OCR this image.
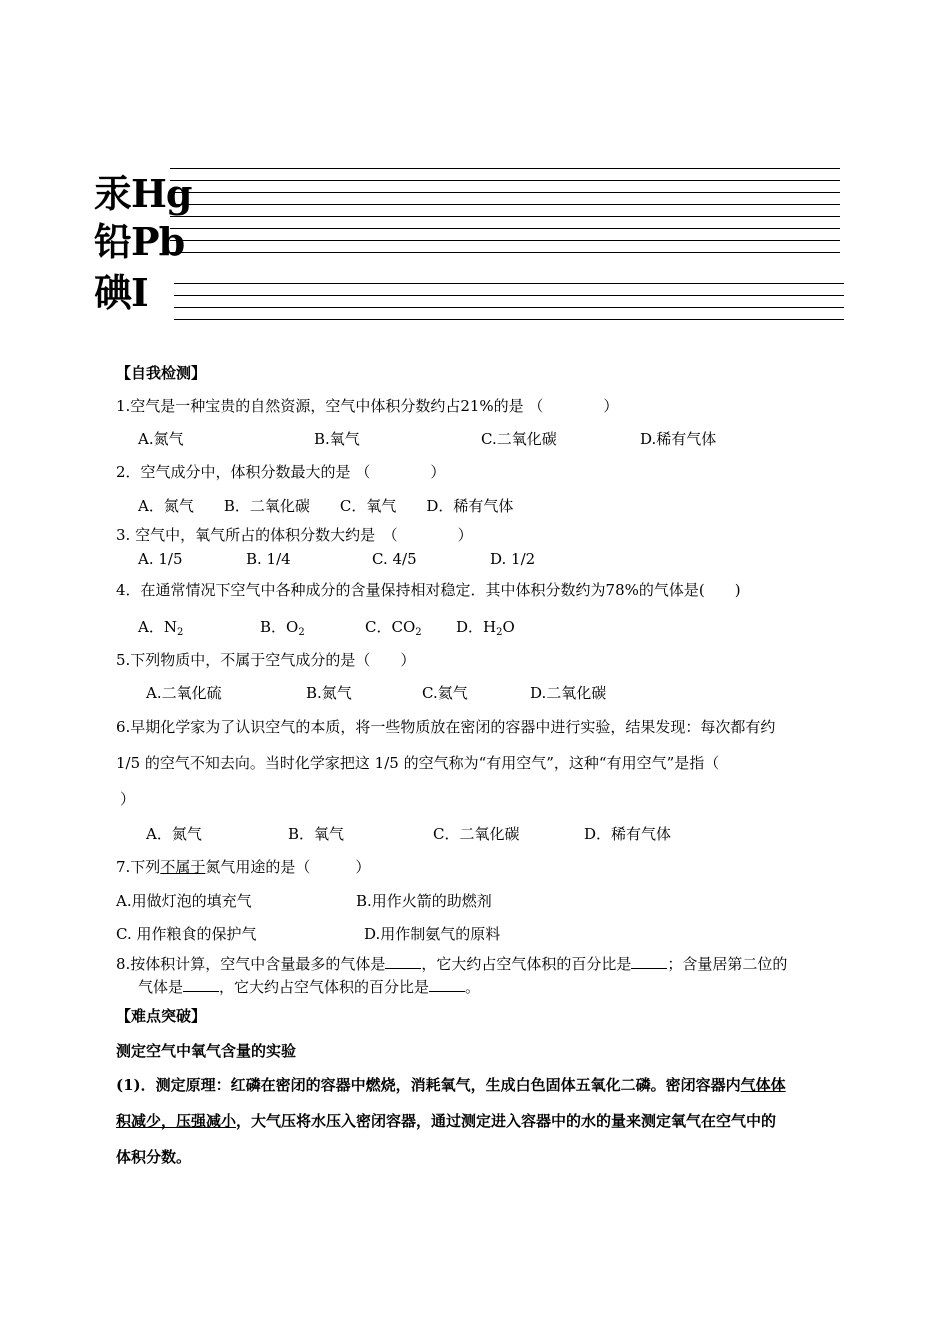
汞Hg
铅Pb
碘I
【自我检测】
1.空气是一种宝贵的自然资源，空气中体积分数约占21%的是 （　　　　）
A.氮气	B.氧气	C.二氧化碳	D.稀有气体
2．空气成分中，体积分数最大的是 （　　　　）
A．氮气　　B．二氧化碳　　C．氧气　　D．稀有气体
3. 空气中，氧气所占的体积分数大约是　（　　　　）
A. 1/5	B. 1/4	C. 4/5	D. 1/2
4．在通常情况下空气中各种成分的含量保持相对稳定．其中体积分数约为78%的气体是(　　)
A．$N_2$	B．$O_2$	C．$CO_2$ D．$H_2O$
5.下列物质中，不属于空气成分的是（　　）
A.二氧化硫	B.氮气	C.氦气	D.二氧化碳
6.早期化学家为了认识空气的本质，将一些物质放在密闭的容器中进行实验，结果发现：每次都有约
1/5 的空气不知去向。当时化学家把这 1/5 的空气称为“有用空气”，这种“有用空气”是指（
）
A．氮气	B．氧气	C．二氧化碳	D．稀有气体
7.下列不属于氮气用途的是（　　　）
A.用做灯泡的填充气	B.用作火箭的助燃剂
C. 用作粮食的保护气	D.用作制氨气的原料
8.按体积计算，空气中含量最多的气体是 ，它大约占空气体积的百分比是 ；含量居第二位的
气体是 ，它大约占空气体积的百分比是 。
【难点突破】
测定空气中氧气含量的实验
(1)．测定原理：红磷在密闭的容器中燃烧，消耗氧气，生成白色固体五氧化二磷。密闭容器内气体体
积减少，压强减小，大气压将水压入密闭容器，通过测定进入容器中的水的量来测定氧气在空气中的
体积分数。
